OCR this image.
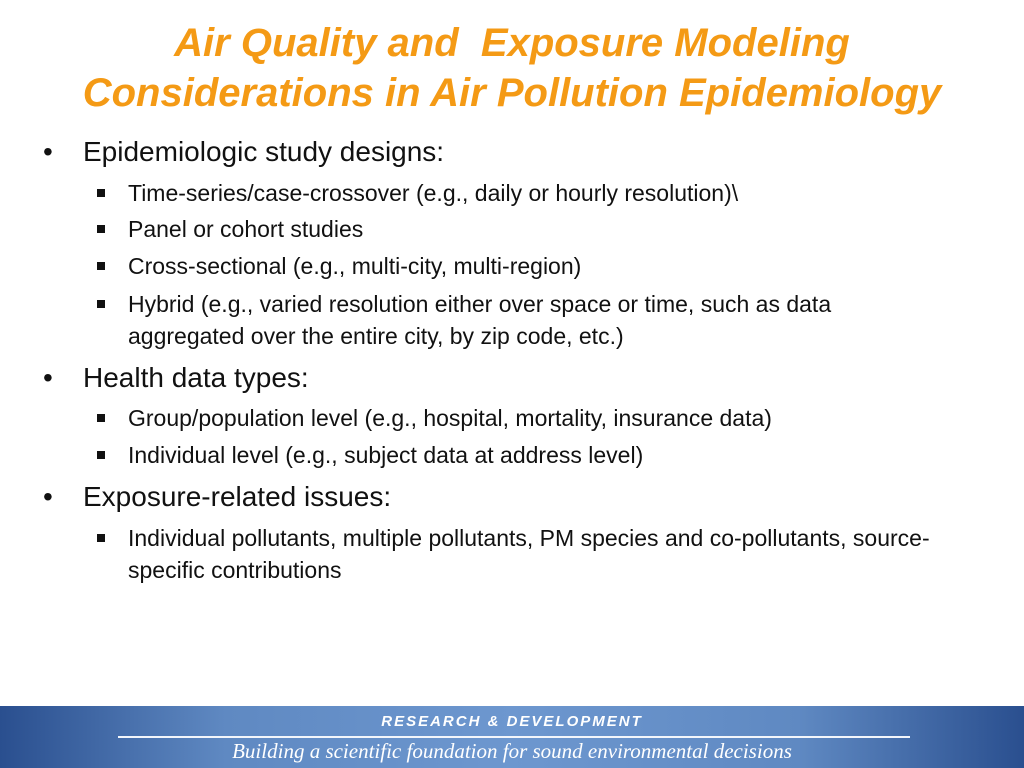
Air Quality and  Exposure Modeling
Considerations in Air Pollution Epidemiology
• Epidemiologic study designs:
Time-series/case-crossover (e.g., daily or hourly resolution)\
Panel or cohort studies
Cross-sectional (e.g., multi-city, multi-region)
Hybrid (e.g., varied resolution either over space or time, such as data aggregated over the entire city, by zip code, etc.)
• Health data types:
Group/population level (e.g., hospital, mortality, insurance data)
Individual level (e.g., subject data at address level)
• Exposure-related issues:
Individual pollutants, multiple pollutants, PM species and co-pollutants, source-specific contributions
RESEARCH & DEVELOPMENT
Building a scientific foundation for sound environmental decisions
